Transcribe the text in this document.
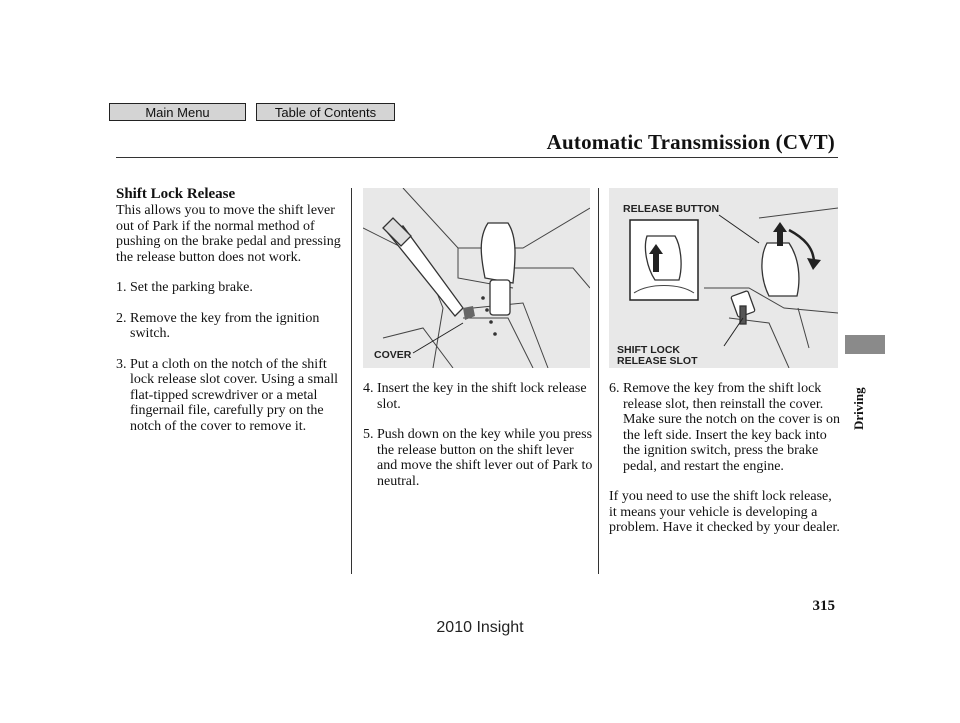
Main Menu	Table of Contents
Automatic Transmission (CVT)
Shift Lock Release

This allows you to move the shift lever out of Park if the normal method of pushing on the brake pedal and pressing the release button does not work.

1. Set the parking brake.

2. Remove the key from the ignition switch.

3. Put a cloth on the notch of the shift lock release slot cover. Using a small flat-tipped screwdriver or a metal fingernail file, carefully pry on the notch of the cover to remove it.

COVER

4. Insert the key in the shift lock release slot.

5. Push down on the key while you press the release button on the shift lever and move the shift lever out of Park to neutral.

RELEASE BUTTON
SHIFT LOCK
RELEASE SLOT

6. Remove the key from the shift lock release slot, then reinstall the cover. Make sure the notch on the cover is on the left side. Insert the key back into the ignition switch, press the brake pedal, and restart the engine.

If you need to use the shift lock release, it means your vehicle is developing a problem. Have it checked by your dealer.

Driving
315
2010 Insight
